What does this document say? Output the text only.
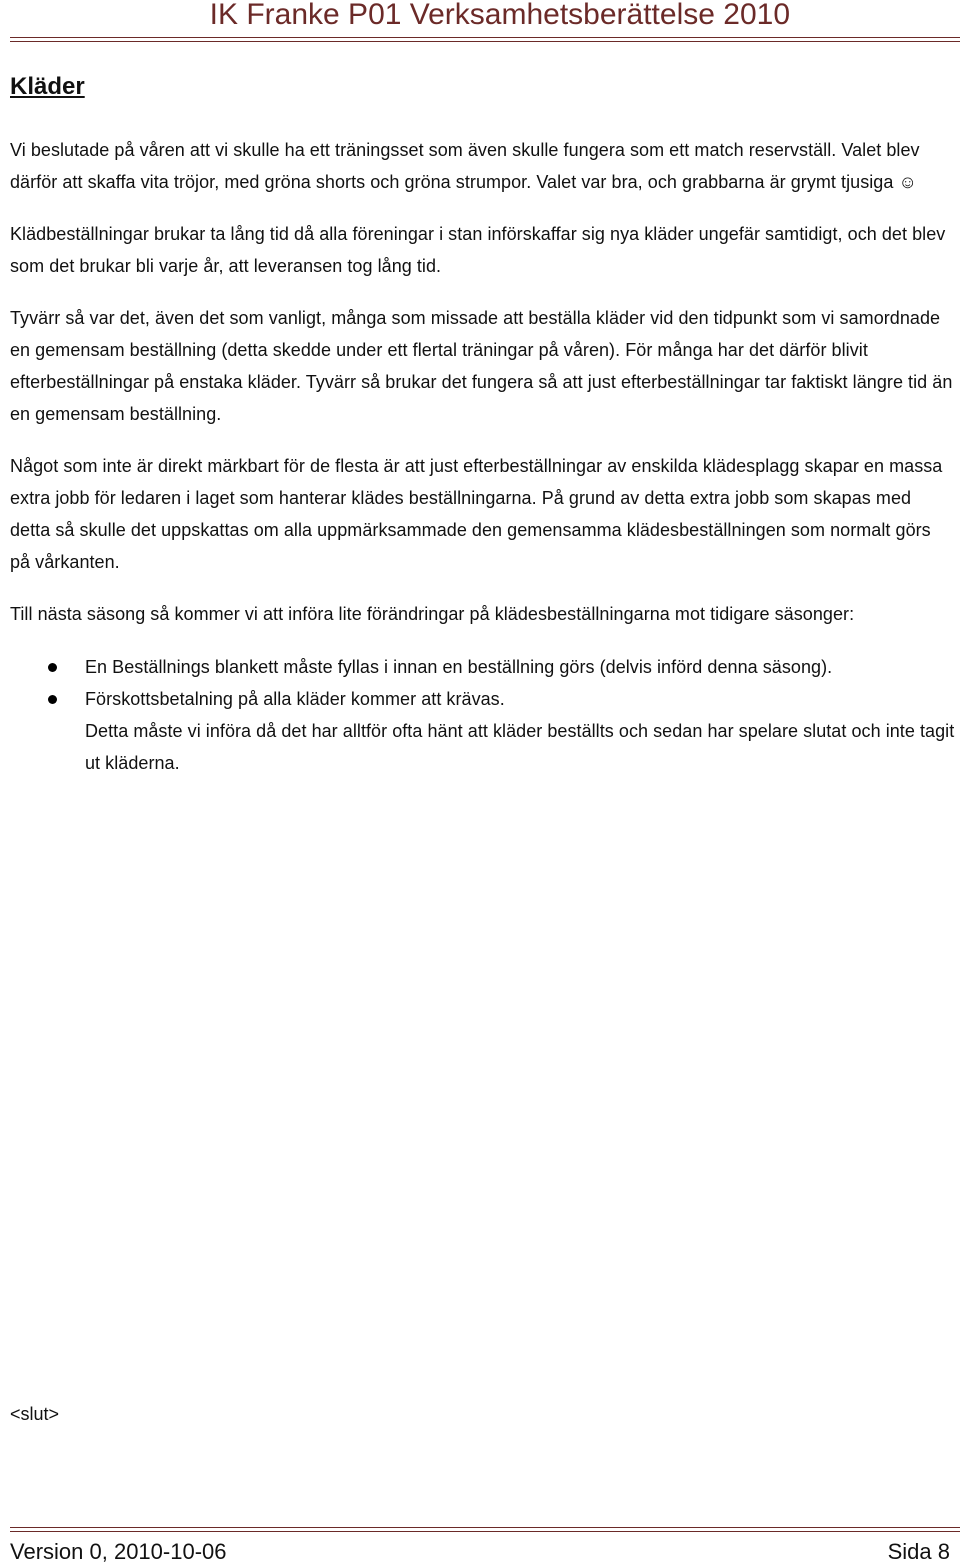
IK Franke P01 Verksamhetsberättelse 2010
Kläder

Vi beslutade på våren att vi skulle ha ett träningsset som även skulle fungera som ett match reservställ. Valet blev därför att skaffa vita tröjor, med gröna shorts och gröna strumpor. Valet var bra, och grabbarna är grymt tjusiga ☺

Klädbeställningar brukar ta lång tid då alla föreningar i stan införskaffar sig nya kläder ungefär samtidigt, och det blev som det brukar bli varje år, att leveransen tog lång tid.

Tyvärr så var det, även det som vanligt, många som missade att beställa kläder vid den tidpunkt som vi samordnade en gemensam beställning (detta skedde under ett flertal träningar på våren). För många har det därför blivit efterbeställningar på enstaka kläder. Tyvärr så brukar det fungera så att just efterbeställningar tar faktiskt längre tid än en gemensam beställning.

Något som inte är direkt märkbart för de flesta är att just efterbeställningar av enskilda klädesplagg skapar en massa extra jobb för ledaren i laget som hanterar klädes beställningarna. På grund av detta extra jobb som skapas med detta så skulle det uppskattas om alla uppmärksammade den gemensamma klädesbeställningen som normalt görs på vårkanten.

Till nästa säsong så kommer vi att införa lite förändringar på klädesbeställningarna mot tidigare säsonger:

En Beställnings blankett måste fyllas i innan en beställning görs (delvis införd denna säsong).
Förskottsbetalning på alla kläder kommer att krävas.
Detta måste vi införa då det har alltför ofta hänt att kläder beställts och sedan har spelare slutat och inte tagit ut kläderna.
<slut>
Version 0, 2010-10-06	Sida 8
